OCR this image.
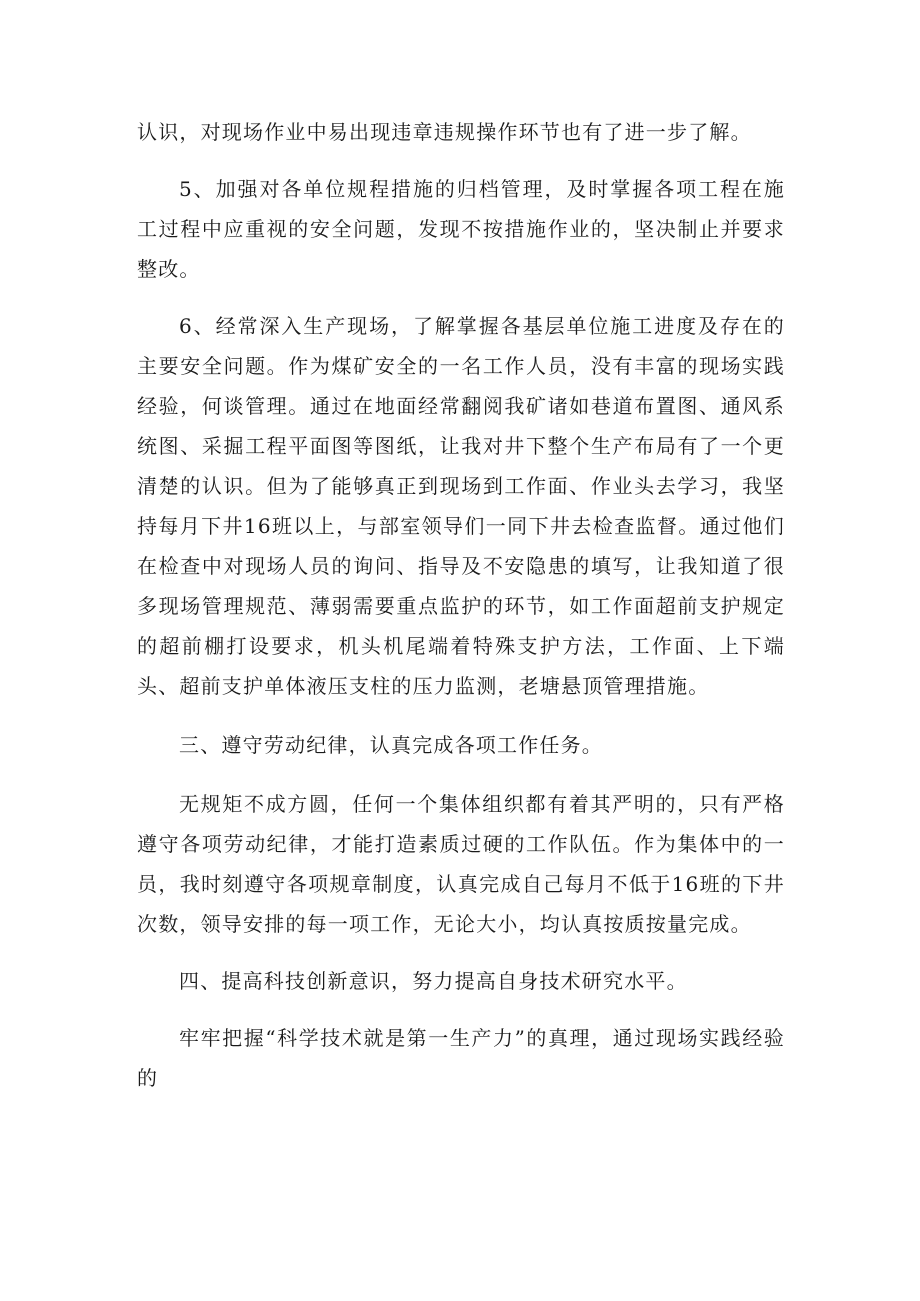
认识，对现场作业中易出现违章违规操作环节也有了进一步了解。

5、加强对各单位规程措施的归档管理，及时掌握各项工程在施工过程中应重视的安全问题，发现不按措施作业的，坚决制止并要求整改。

6、经常深入生产现场，了解掌握各基层单位施工进度及存在的主要安全问题。作为煤矿安全的一名工作人员，没有丰富的现场实践经验，何谈管理。通过在地面经常翻阅我矿诸如巷道布置图、通风系统图、采掘工程平面图等图纸，让我对井下整个生产布局有了一个更清楚的认识。但为了能够真正到现场到工作面、作业头去学习，我坚持每月下井16班以上，与部室领导们一同下井去检查监督。通过他们在检查中对现场人员的询问、指导及不安隐患的填写，让我知道了很多现场管理规范、薄弱需要重点监护的环节，如工作面超前支护规定的超前棚打设要求，机头机尾端着特殊支护方法，工作面、上下端头、超前支护单体液压支柱的压力监测，老塘悬顶管理措施。

三、遵守劳动纪律，认真完成各项工作任务。

无规矩不成方圆，任何一个集体组织都有着其严明的，只有严格遵守各项劳动纪律，才能打造素质过硬的工作队伍。作为集体中的一员，我时刻遵守各项规章制度，认真完成自己每月不低于16班的下井次数，领导安排的每一项工作，无论大小，均认真按质按量完成。

四、提高科技创新意识，努力提高自身技术研究水平。

牢牢把握“科学技术就是第一生产力”的真理，通过现场实践经验的
